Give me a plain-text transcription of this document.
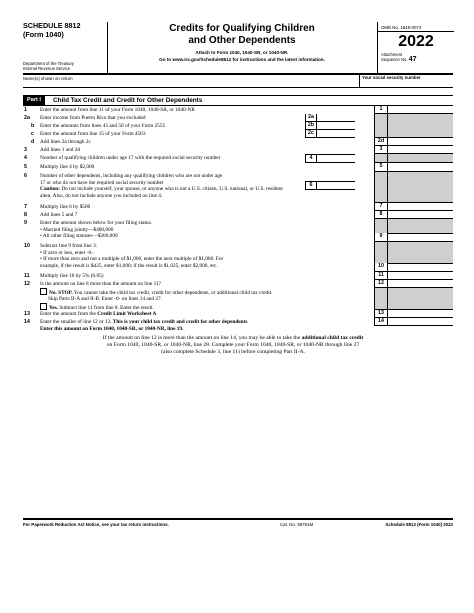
SCHEDULE 8812
(Form 1040)
Department of the Treasury
Internal Revenue Service
Credits for Qualifying Children
and Other Dependents
Attach to Form 1040, 1040-SR, or 1040-NR.
Go to www.irs.gov/Schedule8812 for instructions and the latest information.
OMB No. 1545-0074
2022
Attachment
Sequence No. 47
Name(s) shown on return	Your social security number
Part I	Child Tax Credit and Credit for Other Dependents
1 Enter the amount from line 11 of your Form 1040, 1040-SR, or 1040-NR	1
2a Enter income from Puerto Rico that you excluded	2a
b Enter the amounts from lines 45 and 50 of your Form 2555	2b
c Enter the amount from line 15 of your Form 4563	2c
d Add lines 2a through 2c	2d
3 Add lines 1 and 2d	3
4 Number of qualifying children under age 17 with the required social security number	4
5 Multiply line 4 by $2,000	5
6 Number of other dependents, including any qualifying children who are not under age
17 or who do not have the required social security number
Caution: Do not include yourself, your spouse, or anyone who is not a U.S. citizen, U.S. national, or U.S. resident
alien. Also, do not include anyone you included on line 4.
6
7 Multiply line 6 by $500	7
8 Add lines 5 and 7	8
9 Enter the amount shown below for your filing status.
• Married filing jointly—$400,000
• All other filing statuses—$200,000	9
10 Subtract line 9 from line 3.
• If zero or less, enter -0-.
• If more than zero and not a multiple of $1,000, enter the next multiple of $1,000. For
example, if the result is $425, enter $1,000; if the result is $1,025, enter $2,000, etc.	10
11 Multiply line 10 by 5% (0.05)	11
12 Is the amount on line 8 more than the amount on line 11?
No. STOP. You cannot take the child tax credit, credit for other dependents, or additional child tax credit.
Skip Parts II-A and II-B. Enter -0- on lines 14 and 27.
Yes. Subtract line 11 from line 8. Enter the result.
12
13 Enter the amount from the Credit Limit Worksheet A	13
14 Enter the smaller of line 12 or 13. This is your child tax credit and credit for other dependents
Enter this amount on Form 1040, 1040-SR, or 1040-NR, line 19.
14
If the amount on line 12 is more than the amount on line 14, you may be able to take the additional child tax credit
on Form 1040, 1040-SR, or 1040-NR, line 28. Complete your Form 1040, 1040-SR, or 1040-NR through line 27
(also complete Schedule 3, line 11) before completing Part II-A.
For Paperwork Reduction Act Notice, see your tax return instructions.	Cat. No. 59761M	Schedule 8812 (Form 1040) 2022
